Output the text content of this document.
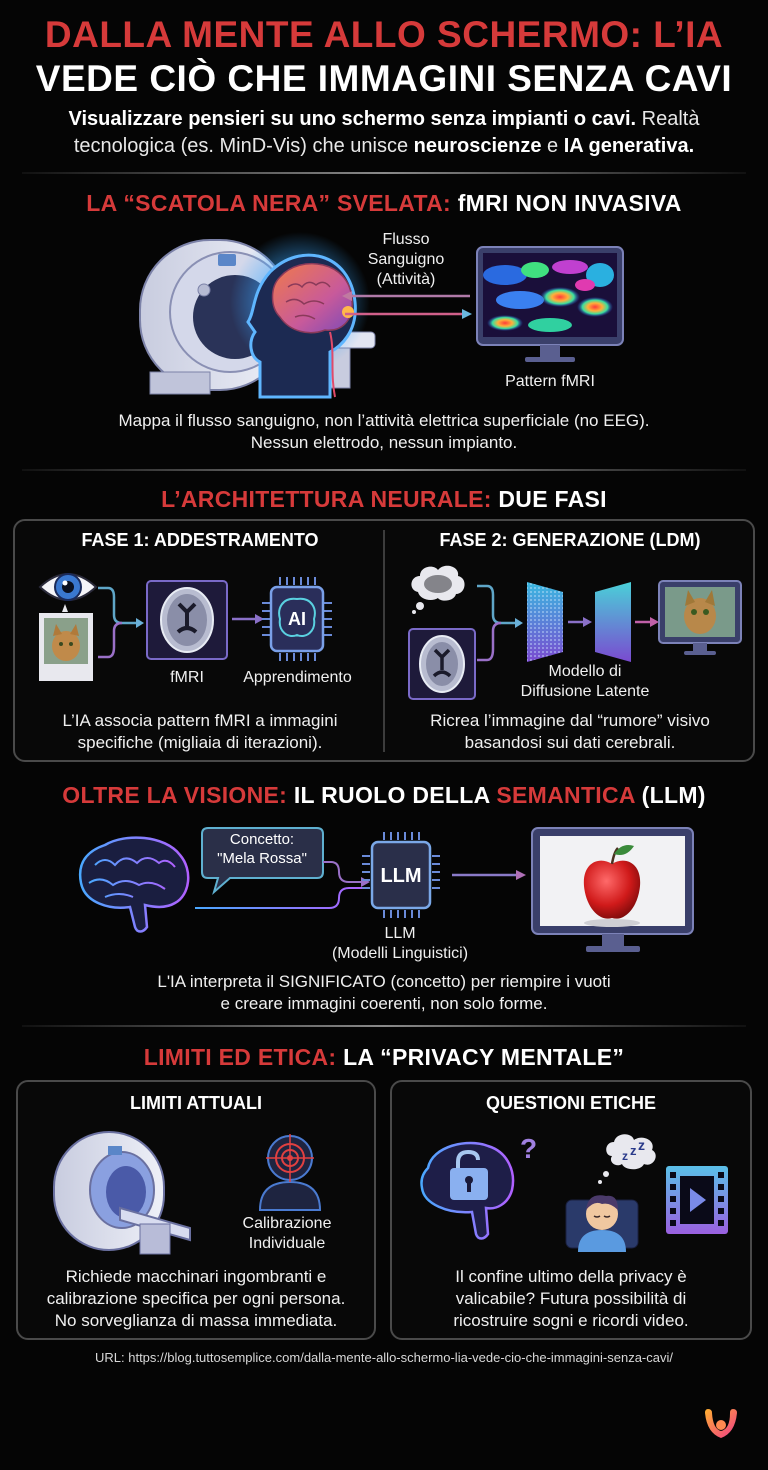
DALLA MENTE ALLO SCHERMO: L’IA
VEDE CIÒ CHE IMMAGINI SENZA CAVI
Visualizzare pensieri su uno schermo senza impianti o cavi. Realtà
tecnologica (es. MinD-Vis) che unisce neuroscienze e IA generativa.
LA “SCATOLA NERA” SVELATA: fMRI NON INVASIVA
Flusso
Sanguigno
(Attività)
Pattern fMRI
Mappa il flusso sanguigno, non l’attività elettrica superficiale (no EEG).
Nessun elettrodo, nessun impianto.
L’ARCHITETTURA NEURALE: DUE FASI
FASE 1: ADDESTRAMENTO	FASE 2: GENERAZIONE (LDM)
AI
fMRI	Apprendimento
L’IA associa pattern fMRI a immagini
specifiche (migliaia di iterazioni).
Modello di
Diffusione Latente
Ricrea l’immagine dal “rumore” visivo
basandosi sui dati cerebrali.
OLTRE LA VISIONE: IL RUOLO DELLA SEMANTICA (LLM)
Concetto:
"Mela Rossa"
LLM
LLM
(Modelli Linguistici)
L'IA interpreta il SIGNIFICATO (concetto) per riempire i vuoti
e creare immagini coerenti, non solo forme.
LIMITI ED ETICA: LA “PRIVACY MENTALE”
LIMITI ATTUALI	QUESTIONI ETICHE
Calibrazione
Individuale
?	z z z
Richiede macchinari ingombranti e
calibrazione specifica per ogni persona.
No sorveglianza di massa immediata.
Il confine ultimo della privacy è
valicabile? Futura possibilità di
ricostruire sogni e ricordi video.
URL: https://blog.tuttosemplice.com/dalla-mente-allo-schermo-lia-vede-cio-che-immagini-senza-cavi/
